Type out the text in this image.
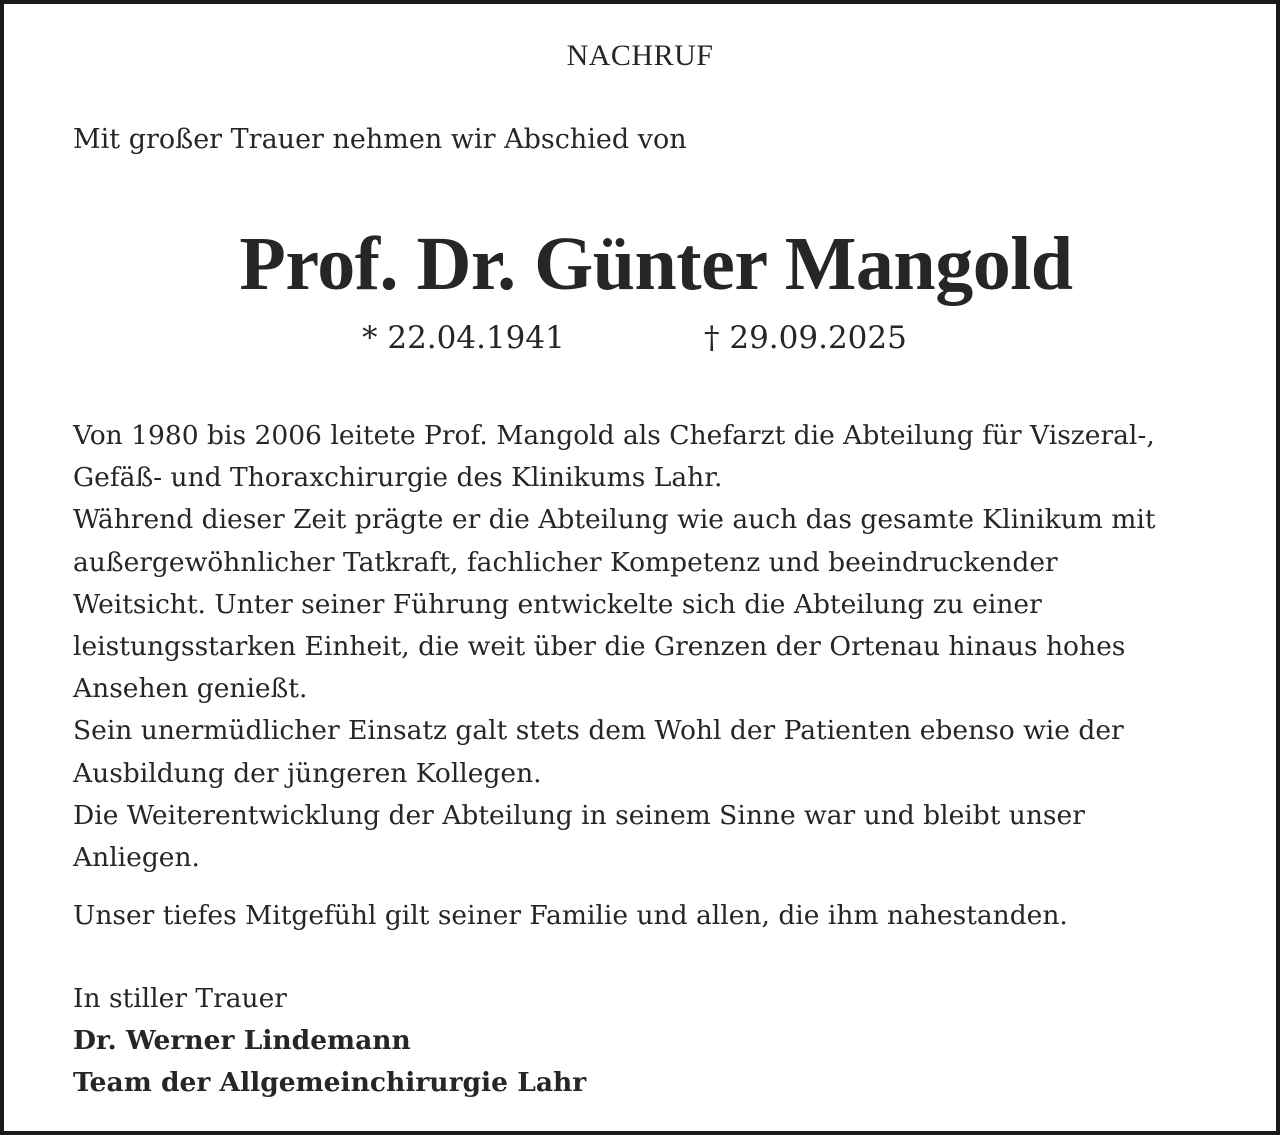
NACHRUF
Mit großer Trauer nehmen wir Abschied von
Prof. Dr. Günter Mangold
* 22.04.1941	† 29.09.2025

Von 1980 bis 2006 leitete Prof. Mangold als Chefarzt die Abteilung für Viszeral-,
Gefäß- und Thoraxchirurgie des Klinikums Lahr.

Während dieser Zeit prägte er die Abteilung wie auch das gesamte Klinikum mit
außergewöhnlicher Tatkraft, fachlicher Kompetenz und beeindruckender
Weitsicht. Unter seiner Führung entwickelte sich die Abteilung zu einer
leistungsstarken Einheit, die weit über die Grenzen der Ortenau hinaus hohes
Ansehen genießt.

Sein unermüdlicher Einsatz galt stets dem Wohl der Patienten ebenso wie der
Ausbildung der jüngeren Kollegen.

Die Weiterentwicklung der Abteilung in seinem Sinne war und bleibt unser
Anliegen.

Unser tiefes Mitgefühl gilt seiner Familie und allen, die ihm nahestanden.
In stiller Trauer
Dr. Werner Lindemann
Team der Allgemeinchirurgie Lahr
